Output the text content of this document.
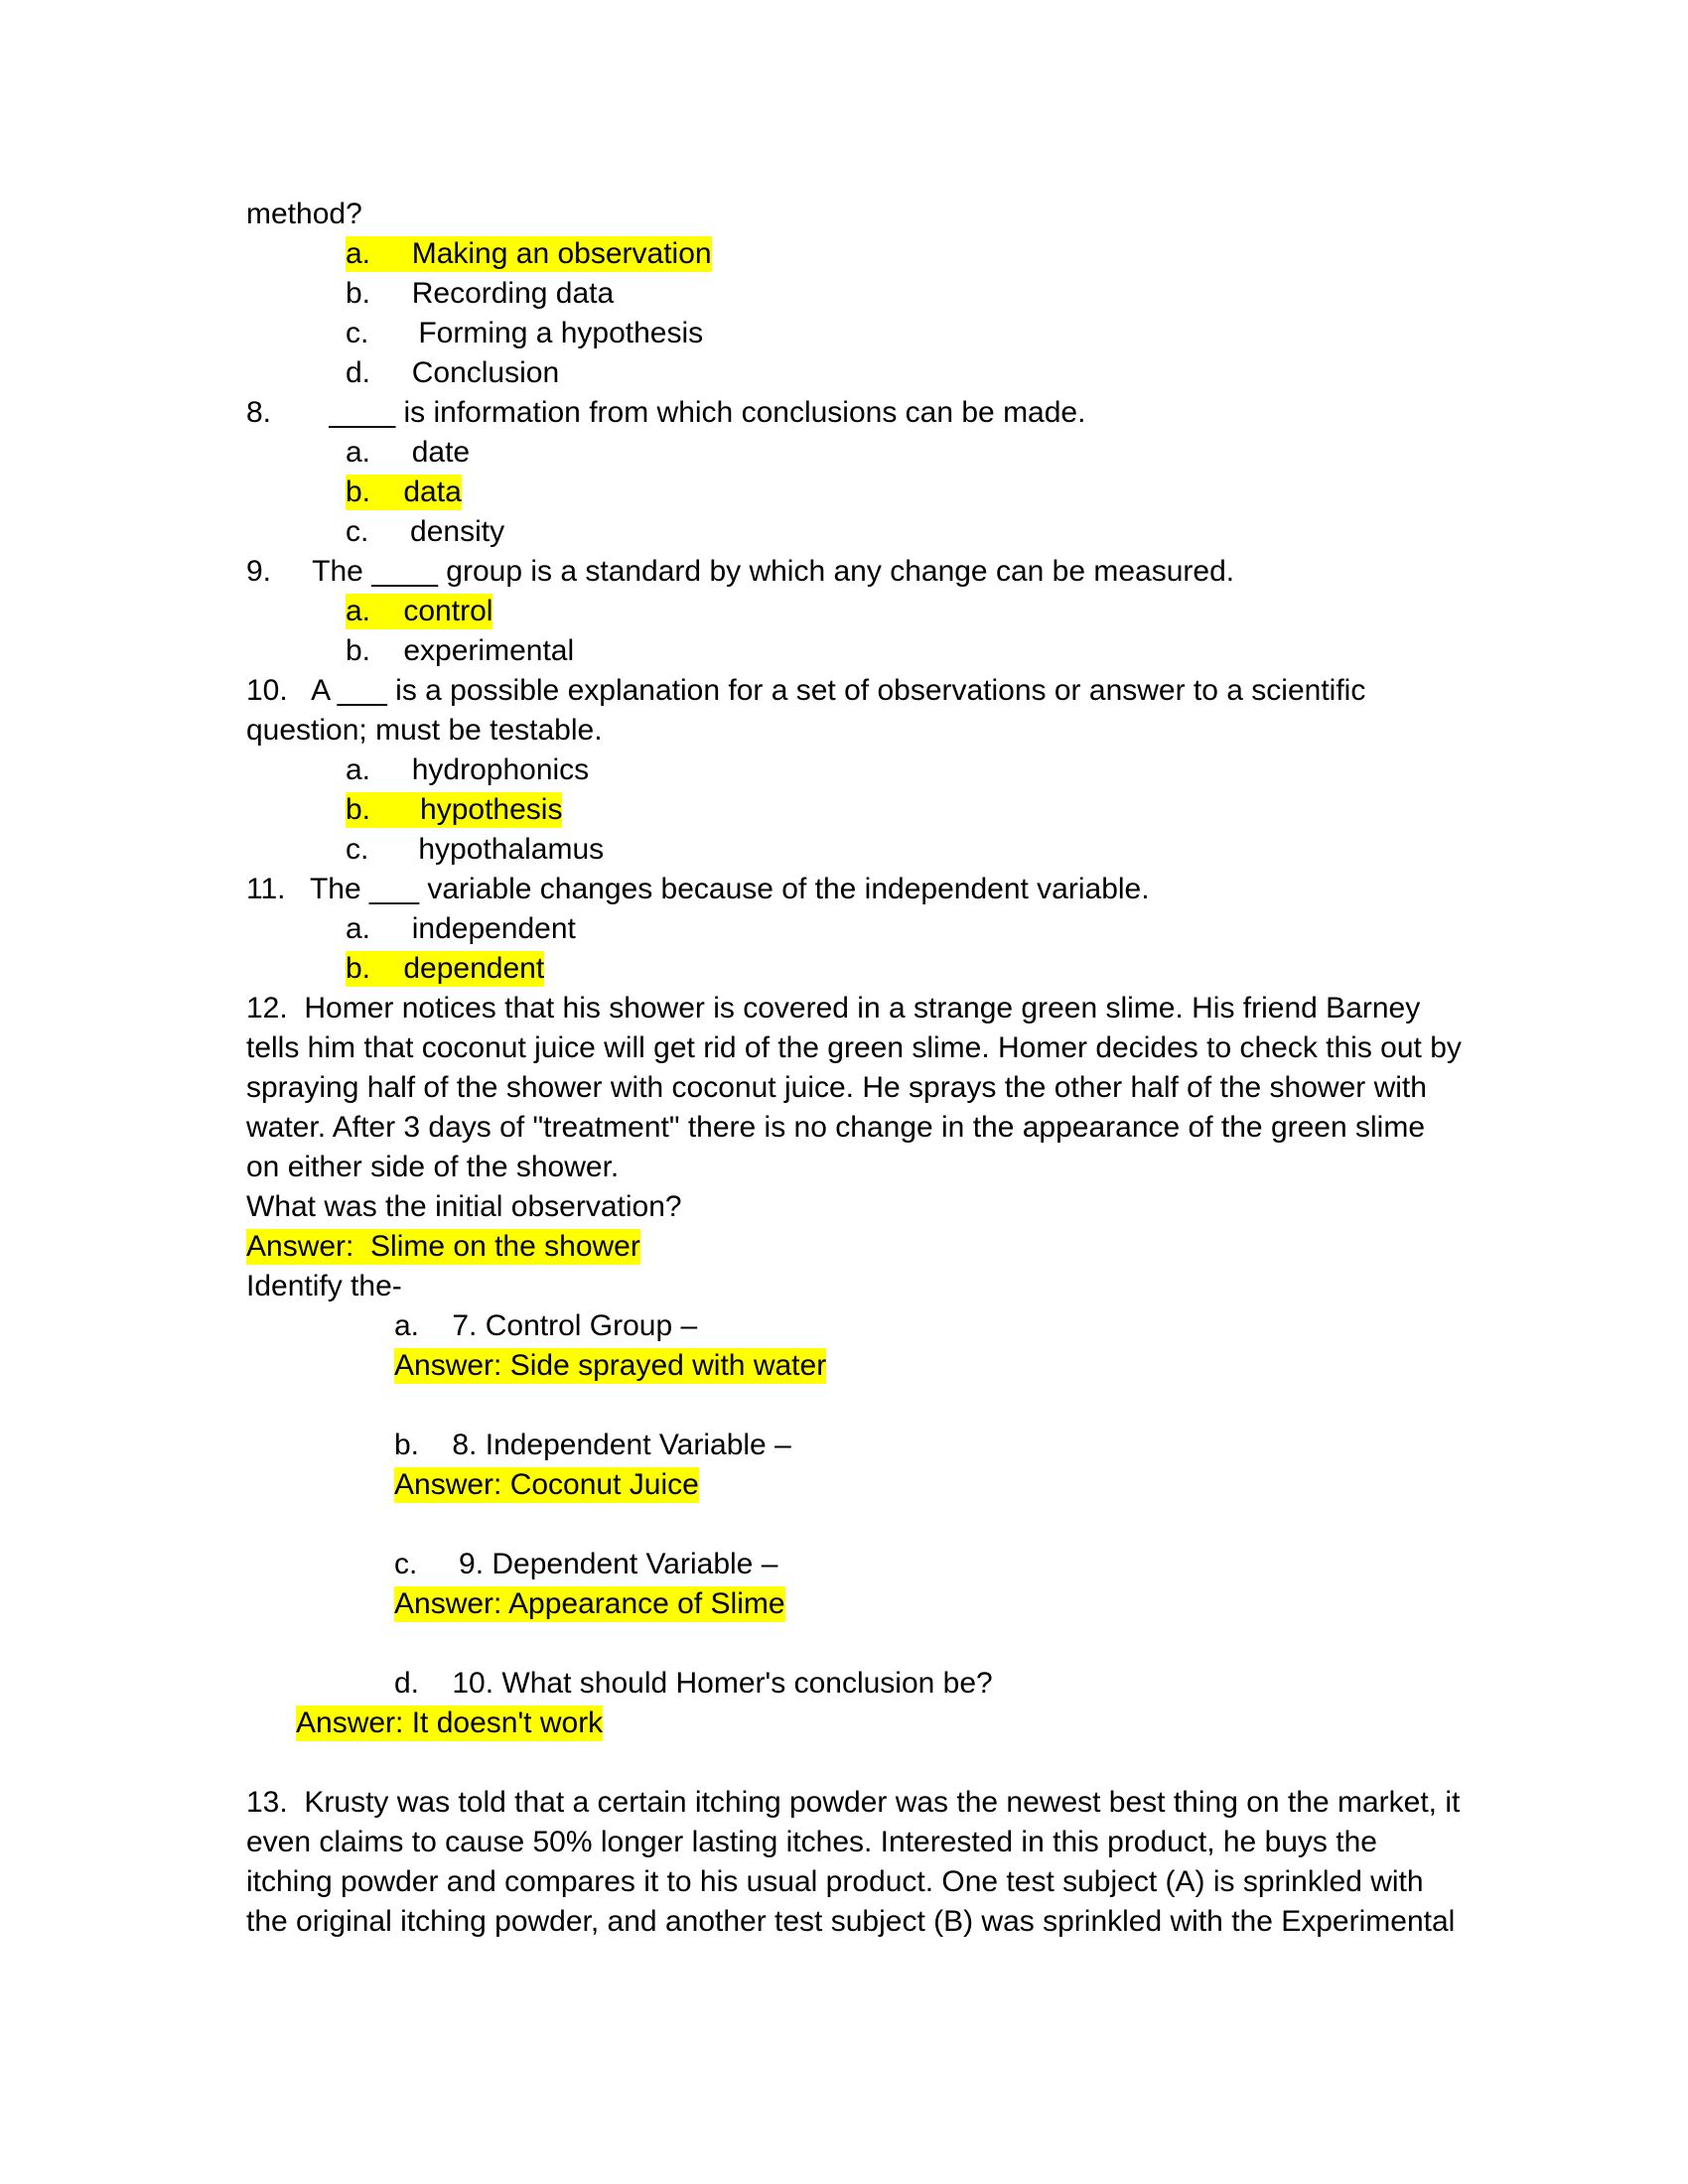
method?
a. Making an observation
b. Recording data
c. Forming a hypothesis
d. Conclusion
8. ____ is information from which conclusions can be made.
a. date
b. data
c. density
9. The ____ group is a standard by which any change can be measured.
a. control
b. experimental
10. A ___ is a possible explanation for a set of observations or answer to a scientific
question; must be testable.
a. hydrophonics
b. hypothesis
c. hypothalamus
11. The ___ variable changes because of the independent variable.
a. independent
b. dependent
12. Homer notices that his shower is covered in a strange green slime. His friend Barney
tells him that coconut juice will get rid of the green slime. Homer decides to check this out by
spraying half of the shower with coconut juice. He sprays the other half of the shower with
water. After 3 days of "treatment" there is no change in the appearance of the green slime
on either side of the shower.
What was the initial observation?
Answer:  Slime on the shower
Identify the-
a. 7. Control Group –
Answer: Side sprayed with water
b. 8. Independent Variable –
Answer: Coconut Juice
c. 9. Dependent Variable –
Answer: Appearance of Slime
d. 10. What should Homer's conclusion be?
Answer: It doesn't work
13. Krusty was told that a certain itching powder was the newest best thing on the market, it
even claims to cause 50% longer lasting itches. Interested in this product, he buys the
itching powder and compares it to his usual product. One test subject (A) is sprinkled with
the original itching powder, and another test subject (B) was sprinkled with the Experimental
